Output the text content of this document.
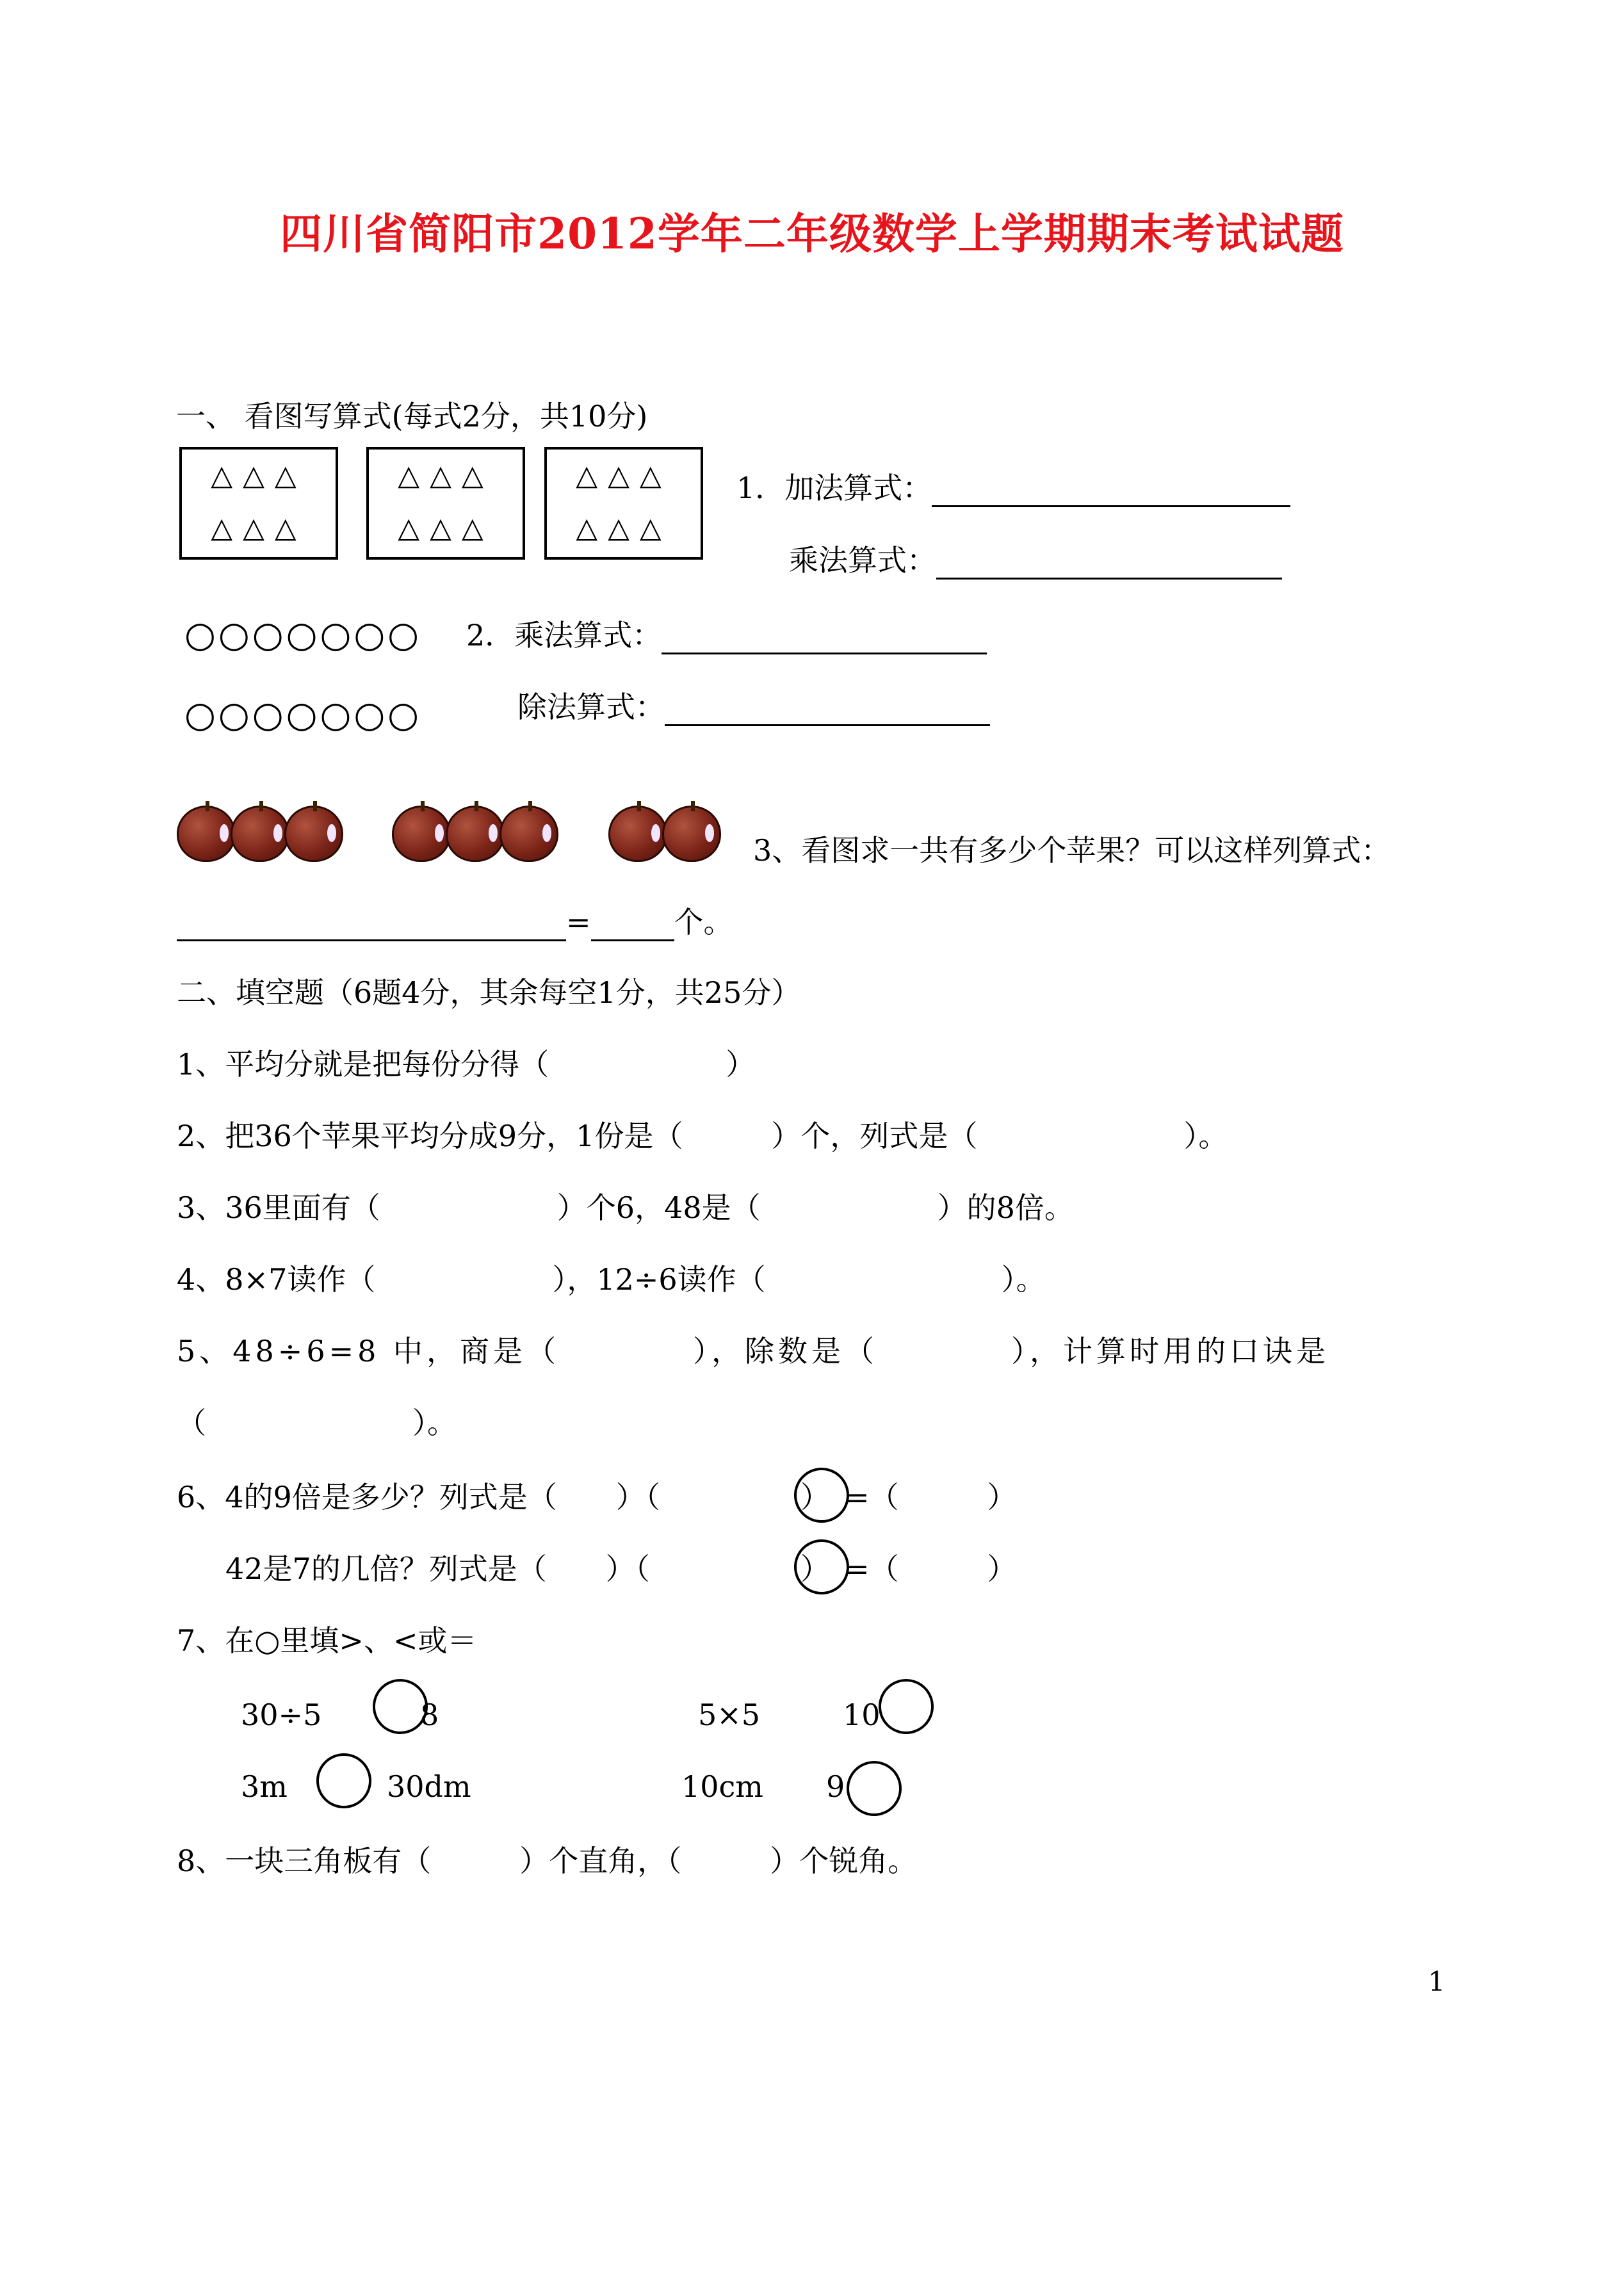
四川省简阳市2012学年二年级数学上学期期末考试试题
一、 看图写算式(每式2分，共10分)
△△△
△△△
△△△
△△△
△△△
△△△
1．加法算式：
乘法算式：
○○○○○○○
○○○○○○○
2．乘法算式：
除法算式：
3、看图求一共有多少个苹果？可以这样列算式：
=	个。
二、填空题（6题4分，其余每空1分，共25分）
1、平均分就是把每份分得（　　　　　　）
2、把36个苹果平均分成9分，1份是（　　　）个，列式是（　　　　　　　）。
3、36里面有（　　　　　　）个6，48是（　　　　　　）的8倍。
4、8×7读作（　　　　　　），12÷6读作（　　　　　　　　）。
5、48÷6=8 中，商是（　　　　），除数是（　　　　），计算时用的口诀是
（　　　　　　　）。
6、4的9倍是多少？列式是（　　）（	）　=（　　　）
42是7的几倍？列式是（　　）（	）　=（　　　）
7、在○里填>、<或＝
30÷5	8	5×5	10
3m	30dm	10cm 9
8、一块三角板有（　　　）个直角，（　　　）个锐角。
1
